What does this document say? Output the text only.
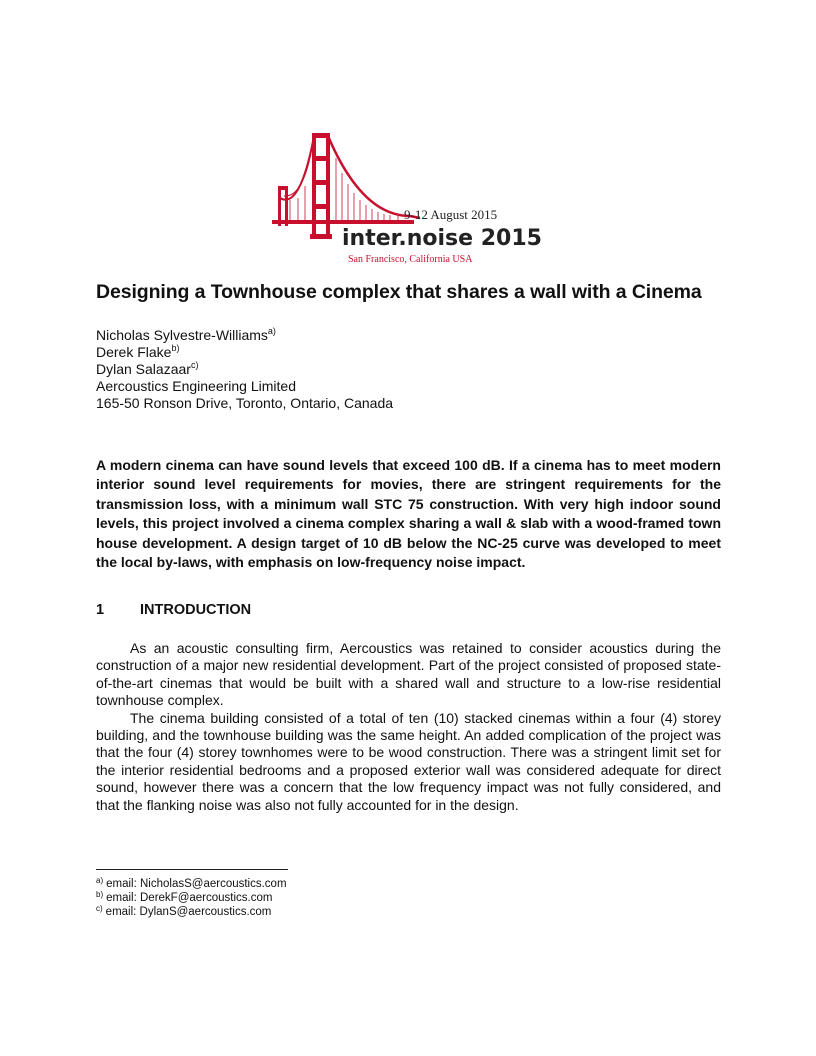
9-12 August 2015
inter.noise 2015
San Francisco, California USA
Designing a Townhouse complex that shares a wall with a Cinema
Nicholas Sylvestre-Williams$^{a)}$
Derek Flake$^{b)}$
Dylan Salazaar$^{c)}$
Aercoustics Engineering Limited
165-50 Ronson Drive, Toronto, Ontario, Canada
A modern cinema can have sound levels that exceed 100 dB. If a cinema has to meet modern interior sound level requirements for movies, there are stringent requirements for the transmission loss, with a minimum wall STC 75 construction. With very high indoor sound levels, this project involved a cinema complex sharing a wall & slab with a wood-framed town house development. A design target of 10 dB below the NC-25 curve was developed to meet the local by-laws, with emphasis on low-frequency noise impact.
1 INTRODUCTION

As an acoustic consulting firm, Aercoustics was retained to consider acoustics during the construction of a major new residential development. Part of the project consisted of proposed state-of-the-art cinemas that would be built with a shared wall and structure to a low-rise residential townhouse complex.

The cinema building consisted of a total of ten (10) stacked cinemas within a four (4) storey building, and the townhouse building was the same height. An added complication of the project was that the four (4) storey townhomes were to be wood construction. There was a stringent limit set for the interior residential bedrooms and a proposed exterior wall was considered adequate for direct sound, however there was a concern that the low frequency impact was not fully considered, and that the flanking noise was also not fully accounted for in the design.

$^{a)}$ email: NicholasS@aercoustics.com
$^{b)}$ email: DerekF@aercoustics.com
$^{c)}$ email: DylanS@aercoustics.com
